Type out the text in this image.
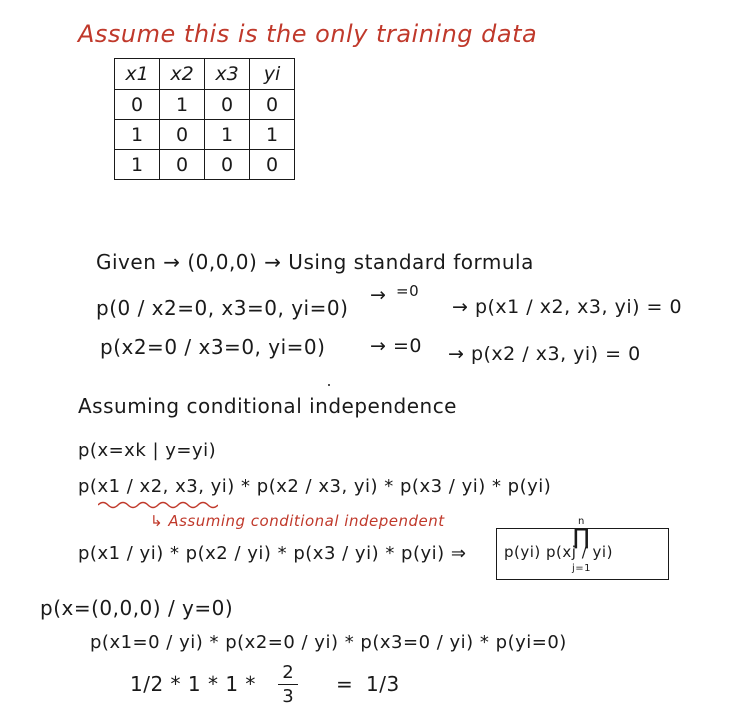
Assume this is the only training data
x1	x2	x3	yi
0	1	0	0
1	0	1	1
1	0	0	0
Given → (0,0,0) → Using standard formula
=0
p(0 / x2=0, x3=0, yi=0)
→
→ p(x1 / x2, x3, yi) = 0
p(x2=0 / x3=0, yi=0) → =0 → p(x2 / x3, yi) = 0
Assuming conditional independence
p(x=xk | y=yi)
p(x1 / x2, x3, yi) * p(x2 / x3, yi) * p(x3 / yi) * p(yi)
↳ Assuming conditional independent
p(x1 / yi) * p(x2 / yi) * p(x3 / yi) * p(yi) ⇒	p(yi) p(xj / yi)
∏
n
j=1
p(x=(0,0,0) / y=0)
p(x1=0 / yi) * p(x2=0 / yi) * p(x3=0 / yi) * p(yi=0)
1/2 * 1 * 1 * 2
3
= 1/3
